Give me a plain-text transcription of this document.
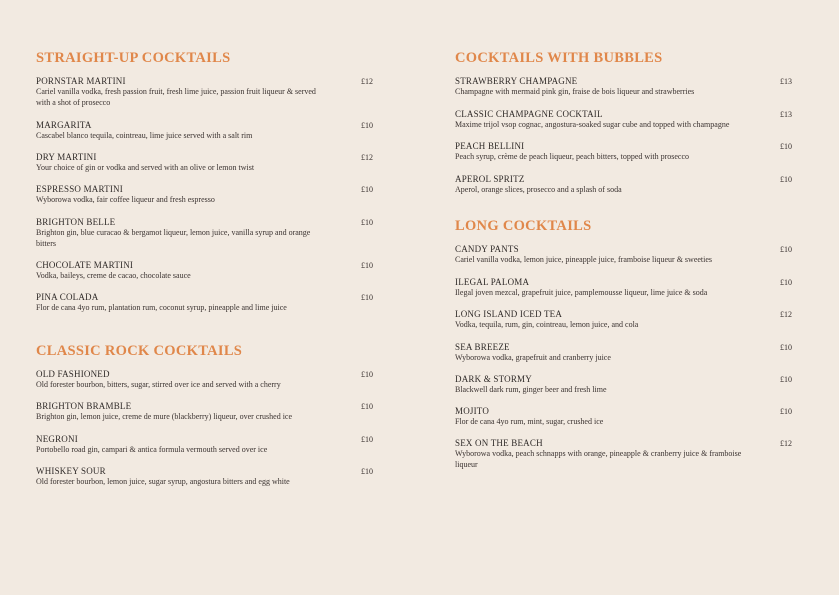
STRAIGHT-UP COCKTAILS
PORNSTAR MARTINI	£12
Cariel vanilla vodka, fresh passion fruit, fresh lime juice, passion fruit liqueur & served with a shot of prosecco
MARGARITA	£10
Cascabel blanco tequila, cointreau, lime juice served with a salt rim
DRY MARTINI	£12
Your choice of gin or vodka and served with an olive or lemon twist
ESPRESSO MARTINI	£10
Wyborowa vodka, fair coffee liqueur and fresh espresso
BRIGHTON BELLE	£10
Brighton gin, blue curacao & bergamot liqueur, lemon juice, vanilla syrup and orange bitters
CHOCOLATE MARTINI	£10
Vodka, baileys, creme de cacao, chocolate sauce
PINA COLADA	£10
Flor de cana 4yo rum, plantation rum, coconut syrup, pineapple and lime juice
CLASSIC ROCK COCKTAILS
OLD FASHIONED	£10
Old forester bourbon, bitters, sugar, stirred over ice and served with a cherry
BRIGHTON BRAMBLE	£10
Brighton gin, lemon juice, creme de mure (blackberry) liqueur, over crushed ice
NEGRONI	£10
Portobello road gin, campari & antica formula vermouth served over ice
WHISKEY SOUR	£10
Old forester bourbon, lemon juice, sugar syrup, angostura bitters and egg white
COCKTAILS WITH BUBBLES
STRAWBERRY CHAMPAGNE	£13
Champagne with mermaid pink gin, fraise de bois liqueur and strawberries
CLASSIC CHAMPAGNE COCKTAIL	£13
Maxime trijol vsop cognac, angostura-soaked sugar cube and topped with champagne
PEACH BELLINI	£10
Peach syrup, crème de peach liqueur, peach bitters, topped with prosecco
APEROL SPRITZ	£10
Aperol, orange slices, prosecco and a splash of soda
LONG COCKTAILS
CANDY PANTS	£10
Cariel vanilla vodka, lemon juice, pineapple juice, framboise liqueur & sweeties
ILEGAL PALOMA	£10
Ilegal joven mezcal, grapefruit juice, pamplemousse liqueur, lime juice & soda
LONG ISLAND ICED TEA	£12
Vodka, tequila, rum, gin, cointreau, lemon juice, and cola
SEA BREEZE	£10
Wyborowa vodka, grapefruit and cranberry juice
DARK & STORMY	£10
Blackwell dark rum, ginger beer and fresh lime
MOJITO	£10
Flor de cana 4yo rum, mint, sugar, crushed ice
SEX ON THE BEACH	£12
Wyborowa vodka, peach schnapps with orange, pineapple & cranberry juice & framboise liqueur
